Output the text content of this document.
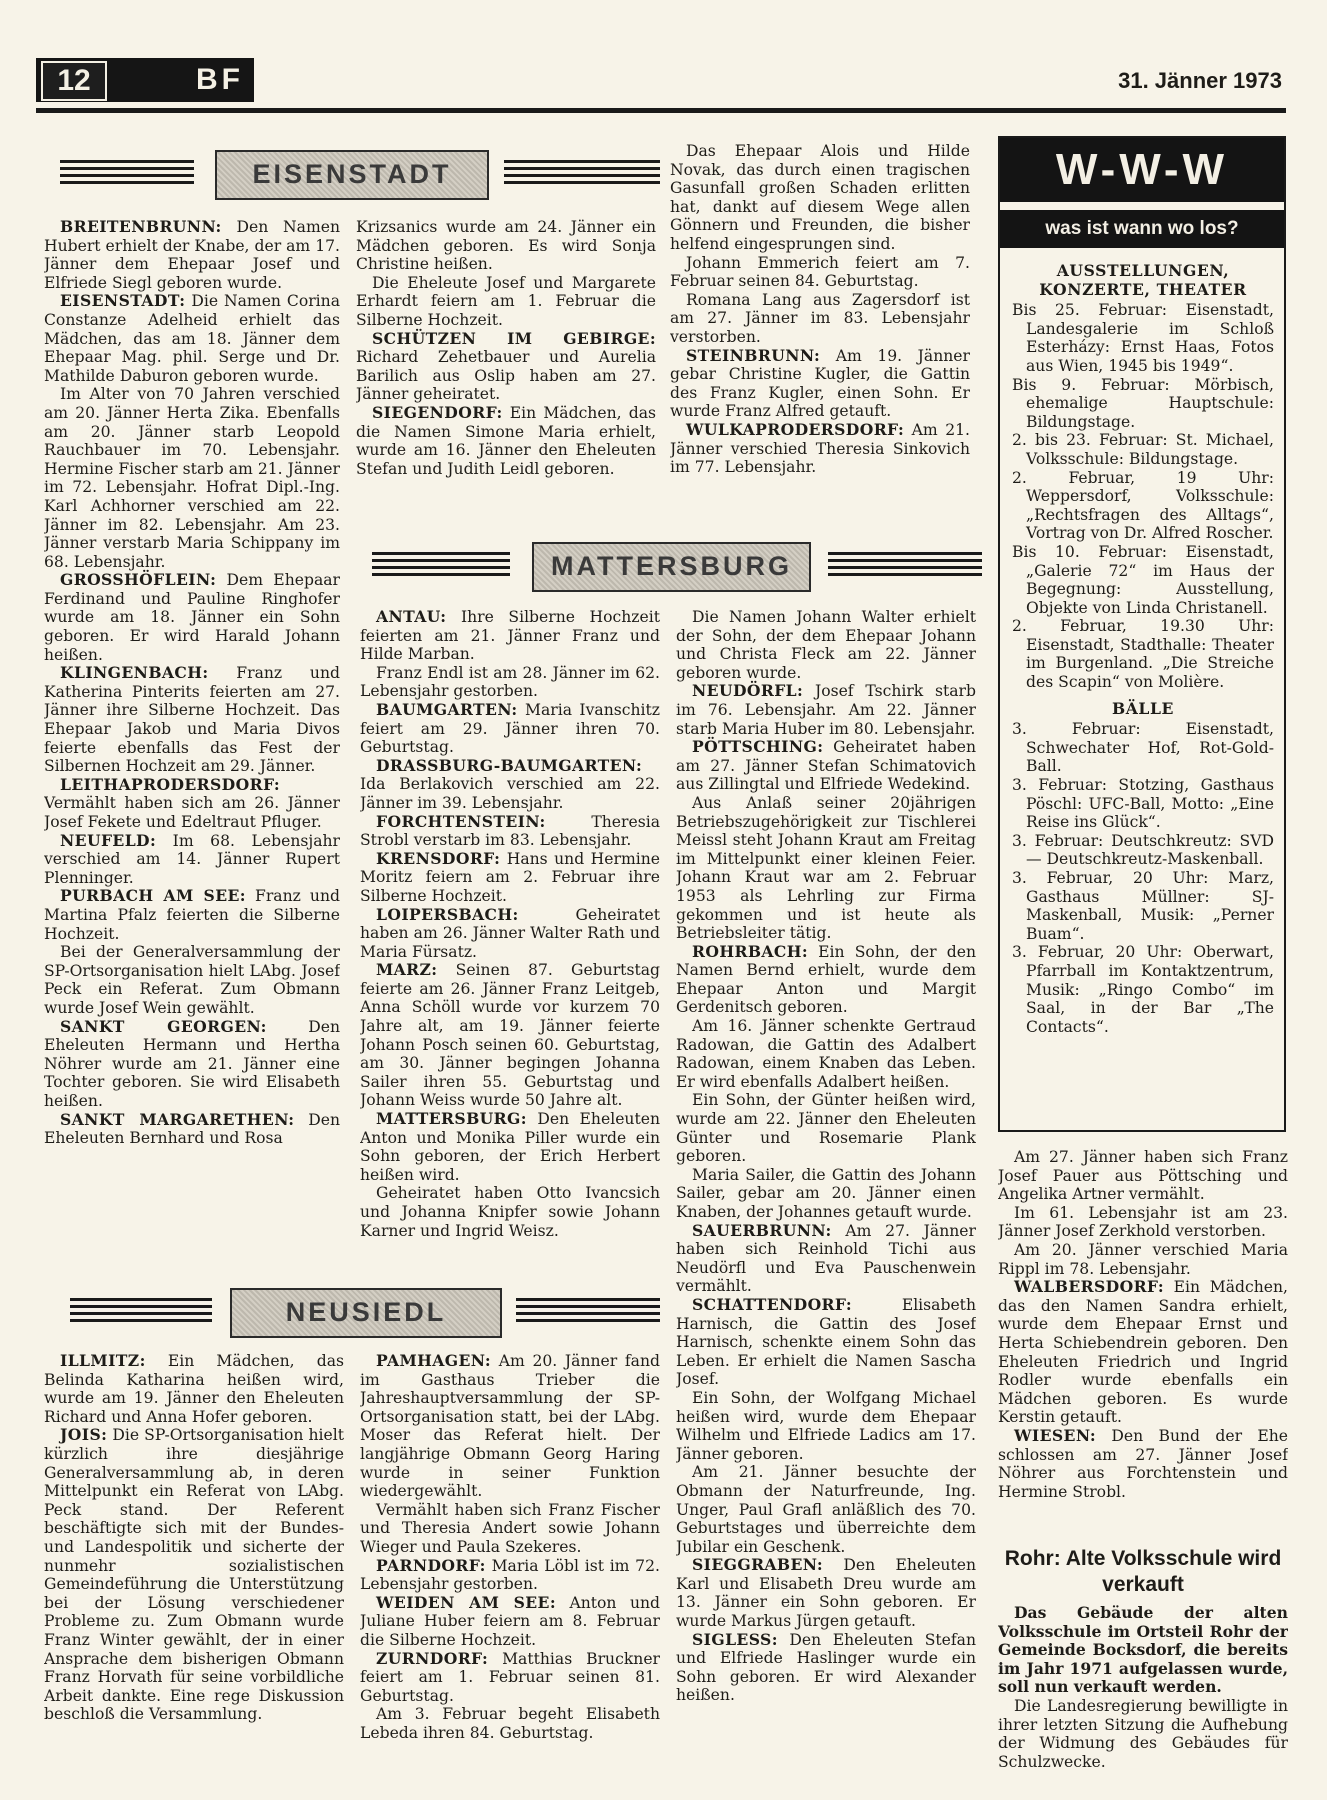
12	BF	31. Jänner 1973
EISENSTADT
MATTERSBURG
NEUSIEDL

BREITENBRUNN: Den Namen Hubert erhielt der Knabe, der am 17. Jänner dem Ehepaar Josef und Elfriede Siegl geboren wurde.

EISENSTADT: Die Namen Corina Constanze Adelheid erhielt das Mädchen, das am 18. Jänner dem Ehepaar Mag. phil. Serge und Dr. Mathilde Daburon geboren wurde.

Im Alter von 70 Jahren verschied am 20. Jänner Herta Zika. Ebenfalls am 20. Jänner starb Leopold Rauchbauer im 70. Lebensjahr. Hermine Fischer starb am 21. Jänner im 72. Lebensjahr. Hofrat Dipl.-Ing. Karl Achhorner verschied am 22. Jänner im 82. Lebensjahr. Am 23. Jänner verstarb Maria Schippany im 68. Lebensjahr.

GROSSHÖFLEIN: Dem Ehepaar Ferdinand und Pauline Ringhofer wurde am 18. Jänner ein Sohn geboren. Er wird Harald Johann heißen.

KLINGENBACH: Franz und Katherina Pinterits feierten am 27. Jänner ihre Silberne Hochzeit. Das Ehepaar Jakob und Maria Divos feierte ebenfalls das Fest der Silbernen Hochzeit am 29. Jänner.

LEITHAPRODERSDORF: Vermählt haben sich am 26. Jänner Josef Fekete und Edeltraut Pfluger.

NEUFELD: Im 68. Lebensjahr verschied am 14. Jänner Rupert Plenninger.

PURBACH AM SEE: Franz und Martina Pfalz feierten die Silberne Hochzeit.

Bei der Generalversammlung der SP-Ortsorganisation hielt LAbg. Josef Peck ein Referat. Zum Obmann wurde Josef Wein gewählt.

SANKT GEORGEN: Den Eheleuten Hermann und Hertha Nöhrer wurde am 21. Jänner eine Tochter geboren. Sie wird Elisabeth heißen.

SANKT MARGARETHEN: Den Eheleuten Bernhard und Rosa

Krizsanics wurde am 24. Jänner ein Mädchen geboren. Es wird Sonja Christine heißen.

Die Eheleute Josef und Margarete Erhardt feiern am 1. Februar die Silberne Hochzeit.

SCHÜTZEN IM GEBIRGE: Richard Zehetbauer und Aurelia Barilich aus Oslip haben am 27. Jänner geheiratet.

SIEGENDORF: Ein Mädchen, das die Namen Simone Maria erhielt, wurde am 16. Jänner den Eheleuten Stefan und Judith Leidl geboren.

Das Ehepaar Alois und Hilde Novak, das durch einen tragischen Gasunfall großen Schaden erlitten hat, dankt auf diesem Wege allen Gönnern und Freunden, die bisher helfend eingesprungen sind.

Johann Emmerich feiert am 7. Februar seinen 84. Geburtstag.

Romana Lang aus Zagersdorf ist am 27. Jänner im 83. Lebensjahr verstorben.

STEINBRUNN: Am 19. Jänner gebar Christine Kugler, die Gattin des Franz Kugler, einen Sohn. Er wurde Franz Alfred getauft.

WULKAPRODERSDORF: Am 21. Jänner verschied Theresia Sinkovich im 77. Lebensjahr.

ANTAU: Ihre Silberne Hochzeit feierten am 21. Jänner Franz und Hilde Marban.

Franz Endl ist am 28. Jänner im 62. Lebensjahr gestorben.

BAUMGARTEN: Maria Ivanschitz feiert am 29. Jänner ihren 70. Geburtstag.

DRASSBURG-BAUMGARTEN: Ida Berlakovich verschied am 22. Jänner im 39. Lebensjahr.

FORCHTENSTEIN: Theresia Strobl verstarb im 83. Lebensjahr.

KRENSDORF: Hans und Hermine Moritz feiern am 2. Februar ihre Silberne Hochzeit.

LOIPERSBACH: Geheiratet haben am 26. Jänner Walter Rath und Maria Fürsatz.

MARZ: Seinen 87. Geburtstag feierte am 26. Jänner Franz Leitgeb, Anna Schöll wurde vor kurzem 70 Jahre alt, am 19. Jänner feierte Johann Posch seinen 60. Geburtstag, am 30. Jänner begingen Johanna Sailer ihren 55. Geburtstag und Johann Weiss wurde 50 Jahre alt.

MATTERSBURG: Den Eheleuten Anton und Monika Piller wurde ein Sohn geboren, der Erich Herbert heißen wird.

Geheiratet haben Otto Ivancsich und Johanna Knipfer sowie Johann Karner und Ingrid Weisz.

Die Namen Johann Walter erhielt der Sohn, der dem Ehepaar Johann und Christa Fleck am 22. Jänner geboren wurde.

NEUDÖRFL: Josef Tschirk starb im 76. Lebensjahr. Am 22. Jänner starb Maria Huber im 80. Lebensjahr.

PÖTTSCHING: Geheiratet haben am 27. Jänner Stefan Schimatovich aus Zillingtal und Elfriede Wedekind.

Aus Anlaß seiner 20jährigen Betriebszugehörigkeit zur Tischlerei Meissl steht Johann Kraut am Freitag im Mittelpunkt einer kleinen Feier. Johann Kraut war am 2. Februar 1953 als Lehrling zur Firma gekommen und ist heute als Betriebsleiter tätig.

ROHRBACH: Ein Sohn, der den Namen Bernd erhielt, wurde dem Ehepaar Anton und Margit Gerdenitsch geboren.

Am 16. Jänner schenkte Gertraud Radowan, die Gattin des Adalbert Radowan, einem Knaben das Leben. Er wird ebenfalls Adalbert heißen.

Ein Sohn, der Günter heißen wird, wurde am 22. Jänner den Eheleuten Günter und Rosemarie Plank geboren.

Maria Sailer, die Gattin des Johann Sailer, gebar am 20. Jänner einen Knaben, der Johannes getauft wurde.

SAUERBRUNN: Am 27. Jänner haben sich Reinhold Tichi aus Neudörfl und Eva Pauschenwein vermählt.

SCHATTENDORF: Elisabeth Harnisch, die Gattin des Josef Harnisch, schenkte einem Sohn das Leben. Er erhielt die Namen Sascha Josef.

Ein Sohn, der Wolfgang Michael heißen wird, wurde dem Ehepaar Wilhelm und Elfriede Ladics am 17. Jänner geboren.

Am 21. Jänner besuchte der Obmann der Naturfreunde, Ing. Unger, Paul Grafl anläßlich des 70. Geburtstages und überreichte dem Jubilar ein Geschenk.

SIEGGRABEN: Den Eheleuten Karl und Elisabeth Dreu wurde am 13. Jänner ein Sohn geboren. Er wurde Markus Jürgen getauft.

SIGLESS: Den Eheleuten Stefan und Elfriede Haslinger wurde ein Sohn geboren. Er wird Alexander heißen.

ILLMITZ: Ein Mädchen, das Belinda Katharina heißen wird, wurde am 19. Jänner den Eheleuten Richard und Anna Hofer geboren.

JOIS: Die SP-Ortsorganisation hielt kürzlich ihre diesjährige Generalversammlung ab, in deren Mittelpunkt ein Referat von LAbg. Peck stand. Der Referent beschäftigte sich mit der Bundes- und Landespolitik und sicherte der nunmehr sozialistischen Gemeindeführung die Unterstützung bei der Lösung verschiedener Probleme zu. Zum Obmann wurde Franz Winter gewählt, der in einer Ansprache dem bisherigen Obmann Franz Horvath für seine vorbildliche Arbeit dankte. Eine rege Diskussion beschloß die Versammlung.

PAMHAGEN: Am 20. Jänner fand im Gasthaus Trieber die Jahreshauptversammlung der SP-Ortsorganisation statt, bei der LAbg. Moser das Referat hielt. Der langjährige Obmann Georg Haring wurde in seiner Funktion wiedergewählt.

Vermählt haben sich Franz Fischer und Theresia Andert sowie Johann Wieger und Paula Szekeres.

PARNDORF: Maria Löbl ist im 72. Lebensjahr gestorben.

WEIDEN AM SEE: Anton und Juliane Huber feiern am 8. Februar die Silberne Hochzeit.

ZURNDORF: Matthias Bruckner feiert am 1. Februar seinen 81. Geburtstag.

Am 3. Februar begeht Elisabeth Lebeda ihren 84. Geburtstag.

Am 27. Jänner haben sich Franz Josef Pauer aus Pöttsching und Angelika Artner vermählt.

Im 61. Lebensjahr ist am 23. Jänner Josef Zerkhold verstorben.

Am 20. Jänner verschied Maria Rippl im 78. Lebensjahr.

WALBERSDORF: Ein Mädchen, das den Namen Sandra erhielt, wurde dem Ehepaar Ernst und Herta Schiebendrein geboren. Den Eheleuten Friedrich und Ingrid Rodler wurde ebenfalls ein Mädchen geboren. Es wurde Kerstin getauft.

WIESEN: Den Bund der Ehe schlossen am 27. Jänner Josef Nöhrer aus Forchtenstein und Hermine Strobl.

W-W-W
was ist wann wo los?

AUSSTELLUNGEN, KONZERTE, THEATER

Bis 25. Februar: Eisenstadt, Landesgalerie im Schloß Esterházy: Ernst Haas, Fotos aus Wien, 1945 bis 1949“.

Bis 9. Februar: Mörbisch, ehemalige Hauptschule: Bildungstage.

2. bis 23. Februar: St. Michael, Volksschule: Bildungstage.

2. Februar, 19 Uhr: Weppersdorf, Volksschule: „Rechtsfragen des Alltags“, Vortrag von Dr. Alfred Roscher.

Bis 10. Februar: Eisenstadt, „Galerie 72“ im Haus der Begegnung: Ausstellung, Objekte von Linda Christanell.

2. Februar, 19.30 Uhr: Eisenstadt, Stadthalle: Theater im Burgenland. „Die Streiche des Scapin“ von Molière.

BÄLLE

3. Februar: Eisenstadt, Schwechater Hof, Rot-Gold-Ball.

3. Februar: Stotzing, Gasthaus Pöschl: UFC-Ball, Motto: „Eine Reise ins Glück“.

3. Februar: Deutschkreutz: SVD — Deutschkreutz-Maskenball.

3. Februar, 20 Uhr: Marz, Gasthaus Müllner: SJ-Maskenball, Musik: „Perner Buam“.

3. Februar, 20 Uhr: Oberwart, Pfarrball im Kontaktzentrum, Musik: „Ringo Combo“ im Saal, in der Bar „The Contacts“.

Rohr: Alte Volksschule wird verkauft

Das Gebäude der alten Volksschule im Ortsteil Rohr der Gemeinde Bocksdorf, die bereits im Jahr 1971 aufgelassen wurde, soll nun verkauft werden.

Die Landesregierung bewilligte in ihrer letzten Sitzung die Aufhebung der Widmung des Gebäudes für Schulzwecke.
